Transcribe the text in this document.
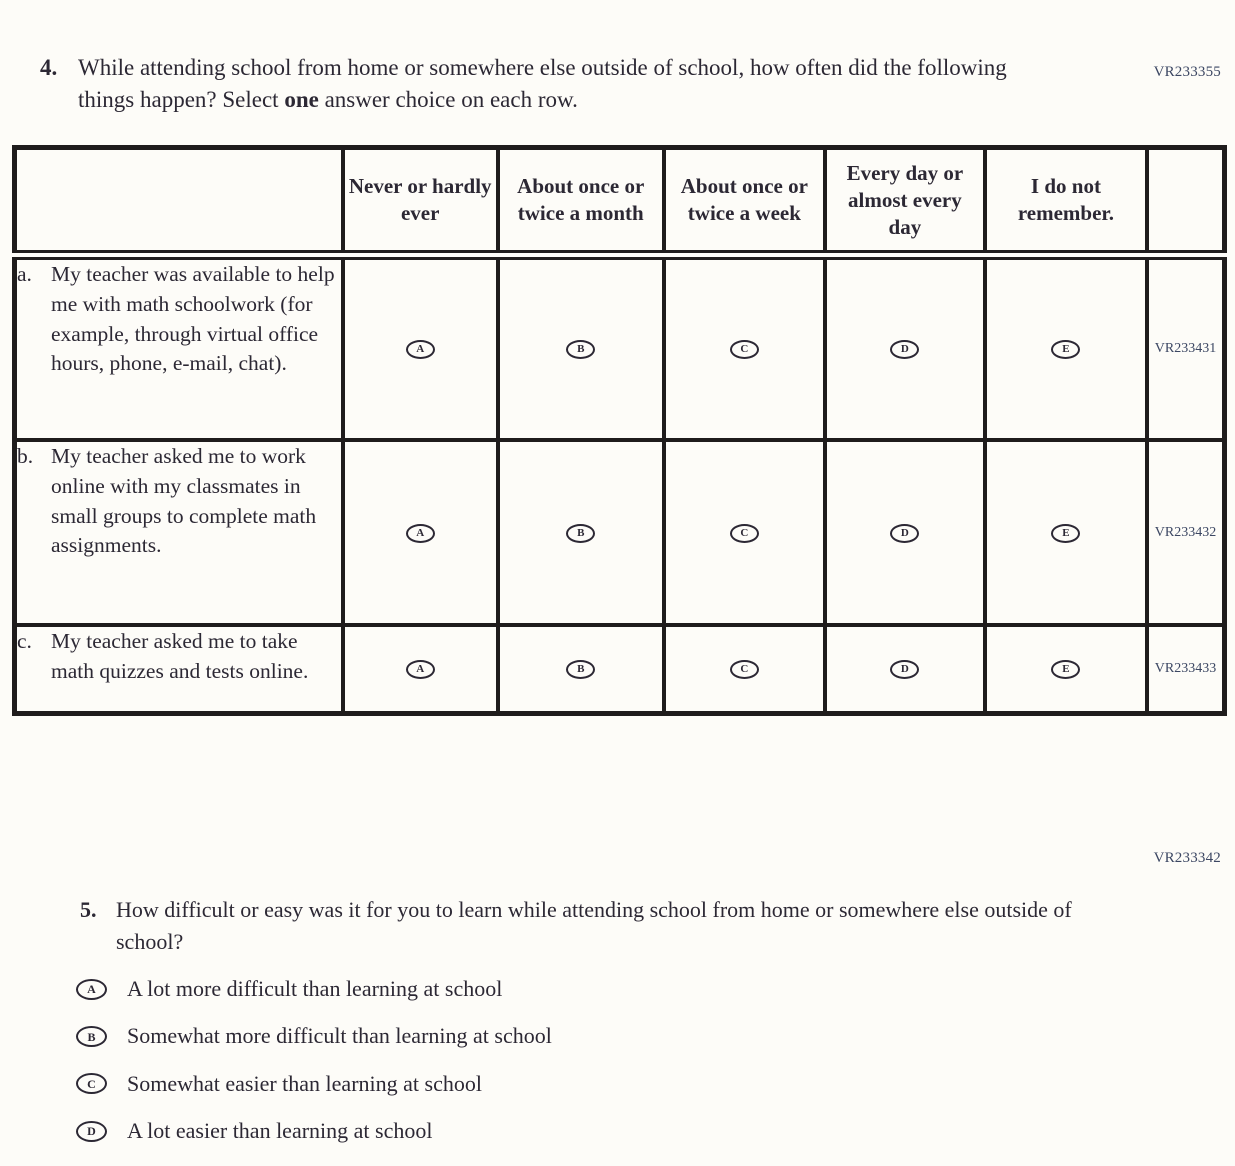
VR233355
4. While attending school from home or somewhere else outside of school, how often did the following things happen? Select one answer choice on each row.
	Never or hardly ever	About once or twice a month	About once or twice a week	Every day or almost every day	I do not remember.	

a. My teacher was available to help me with math schoolwork (for example, through virtual office hours, phone, e-mail, chat).	A	B	C	D	E	VR233431

b. My teacher asked me to work online with my classmates in small groups to complete math assignments.	A	B	C	D	E	VR233432

c. My teacher asked me to take math quizzes and tests online.	A	B	C	D	E	VR233433
VR233342
5. How difficult or easy was it for you to learn while attending school from home or somewhere else outside of school?
A A lot more difficult than learning at school
B Somewhat more difficult than learning at school
C Somewhat easier than learning at school
D A lot easier than learning at school
